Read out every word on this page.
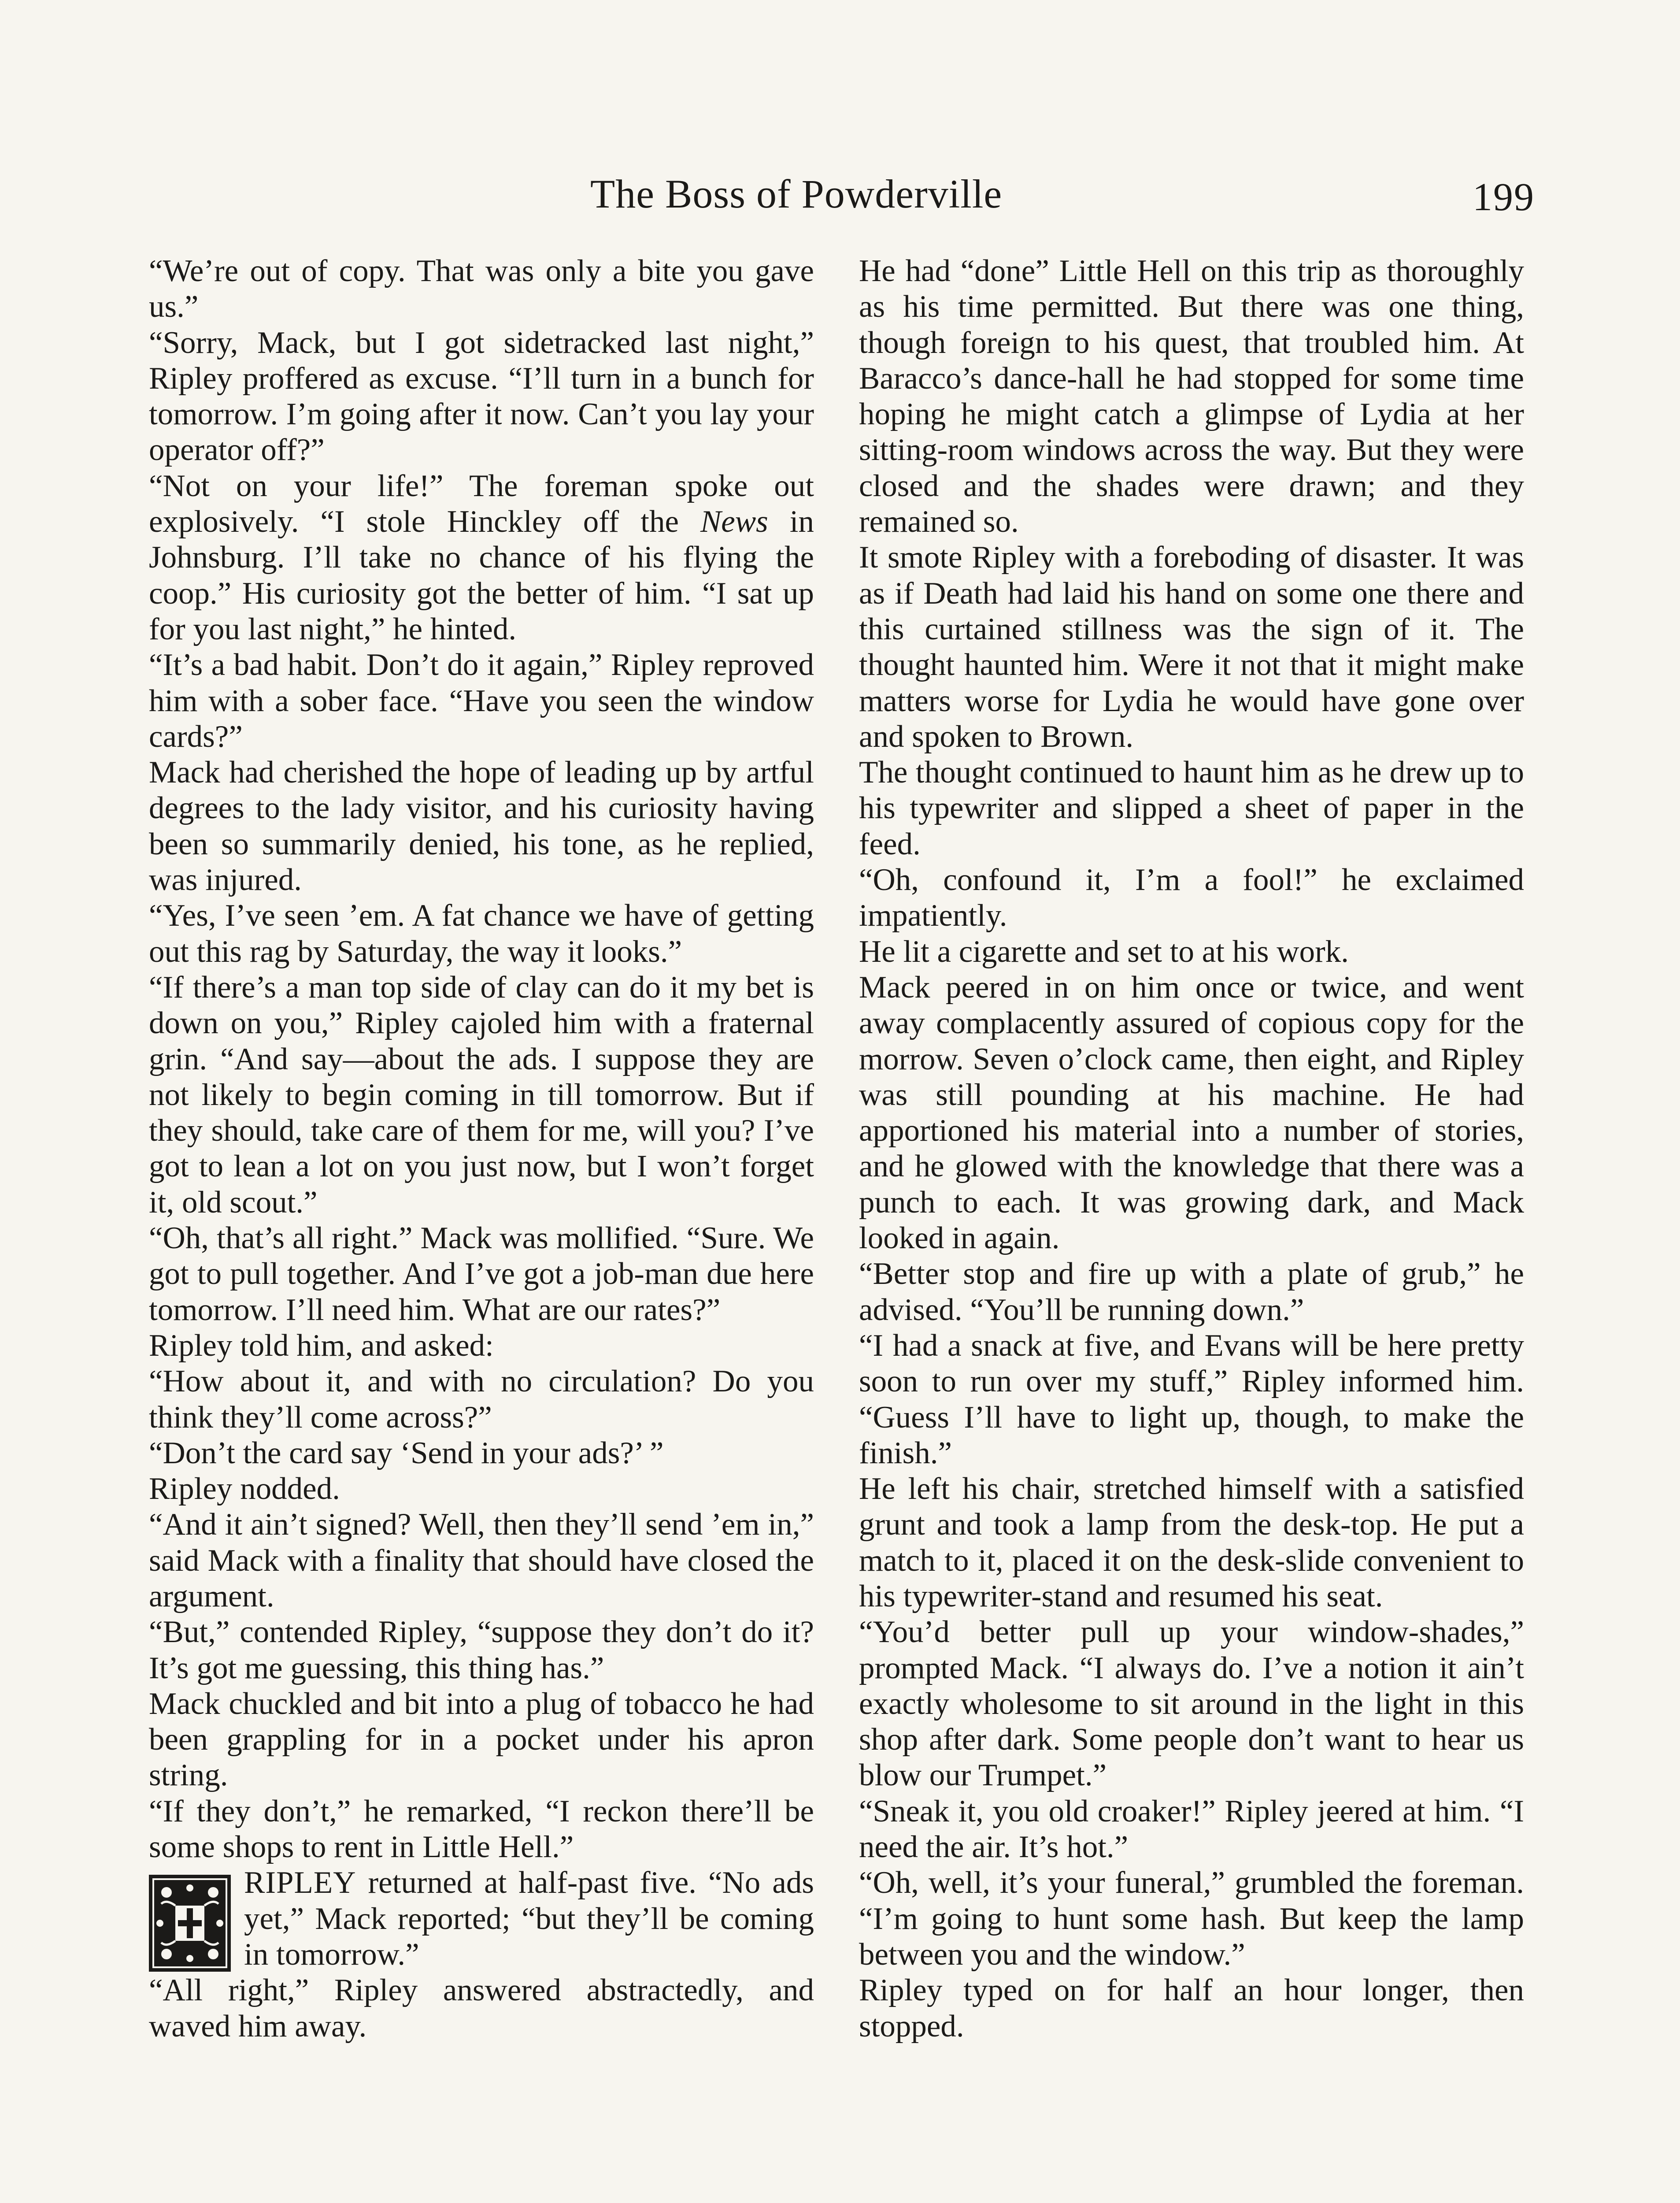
The Boss of Powderville	199

“We’re out of copy. That was only a bite you gave us.”

“Sorry, Mack, but I got sidetracked last night,” Ripley proffered as excuse. “I’ll turn in a bunch for tomorrow. I’m going after it now. Can’t you lay your operator off?”

“Not on your life!” The foreman spoke out explosively. “I stole Hinckley off the News in Johnsburg. I’ll take no chance of his flying the coop.” His curiosity got the better of him. “I sat up for you last night,” he hinted.

“It’s a bad habit. Don’t do it again,” Ripley reproved him with a sober face. “Have you seen the window cards?”

Mack had cherished the hope of leading up by artful degrees to the lady visitor, and his curiosity having been so summarily denied, his tone, as he replied, was injured.

“Yes, I’ve seen ’em. A fat chance we have of getting out this rag by Saturday, the way it looks.”

“If there’s a man top side of clay can do it my bet is down on you,” Ripley cajoled him with a fraternal grin. “And say—about the ads. I suppose they are not likely to begin coming in till tomorrow. But if they should, take care of them for me, will you? I’ve got to lean a lot on you just now, but I won’t forget it, old scout.”

“Oh, that’s all right.” Mack was mollified. “Sure. We got to pull together. And I’ve got a job-man due here tomorrow. I’ll need him. What are our rates?”

Ripley told him, and asked:

“How about it, and with no circulation? Do you think they’ll come across?”

“Don’t the card say ‘Send in your ads?’ ”

Ripley nodded.

“And it ain’t signed? Well, then they’ll send ’em in,” said Mack with a finality that should have closed the argument.

“But,” contended Ripley, “suppose they don’t do it? It’s got me guessing, this thing has.”

Mack chuckled and bit into a plug of tobacco he had been grappling for in a pocket under his apron string.

“If they don’t,” he remarked, “I reckon there’ll be some shops to rent in Little Hell.”

RIPLEY returned at half-past five. “No ads yet,” Mack reported; “but they’ll be coming in tomorrow.”

“All right,” Ripley answered abstractedly, and waved him away.

He had “done” Little Hell on this trip as thoroughly as his time permitted. But there was one thing, though foreign to his quest, that troubled him. At Baracco’s dance-hall he had stopped for some time hoping he might catch a glimpse of Lydia at her sitting-room windows across the way. But they were closed and the shades were drawn; and they remained so.

It smote Ripley with a foreboding of disaster. It was as if Death had laid his hand on some one there and this curtained stillness was the sign of it. The thought haunted him. Were it not that it might make matters worse for Lydia he would have gone over and spoken to Brown.

The thought continued to haunt him as he drew up to his typewriter and slipped a sheet of paper in the feed.

“Oh, confound it, I’m a fool!” he exclaimed impatiently.

He lit a cigarette and set to at his work.

Mack peered in on him once or twice, and went away complacently assured of copious copy for the morrow. Seven o’clock came, then eight, and Ripley was still pounding at his machine. He had apportioned his material into a number of stories, and he glowed with the knowledge that there was a punch to each. It was growing dark, and Mack looked in again.

“Better stop and fire up with a plate of grub,” he advised. “You’ll be running down.”

“I had a snack at five, and Evans will be here pretty soon to run over my stuff,” Ripley informed him. “Guess I’ll have to light up, though, to make the finish.”

He left his chair, stretched himself with a satisfied grunt and took a lamp from the desk-top. He put a match to it, placed it on the desk-slide convenient to his typewriter-stand and resumed his seat.

“You’d better pull up your window-shades,” prompted Mack. “I always do. I’ve a notion it ain’t exactly wholesome to sit around in the light in this shop after dark. Some people don’t want to hear us blow our Trumpet.”

“Sneak it, you old croaker!” Ripley jeered at him. “I need the air. It’s hot.”

“Oh, well, it’s your funeral,” grumbled the foreman. “I’m going to hunt some hash. But keep the lamp between you and the window.”

Ripley typed on for half an hour longer, then stopped.
